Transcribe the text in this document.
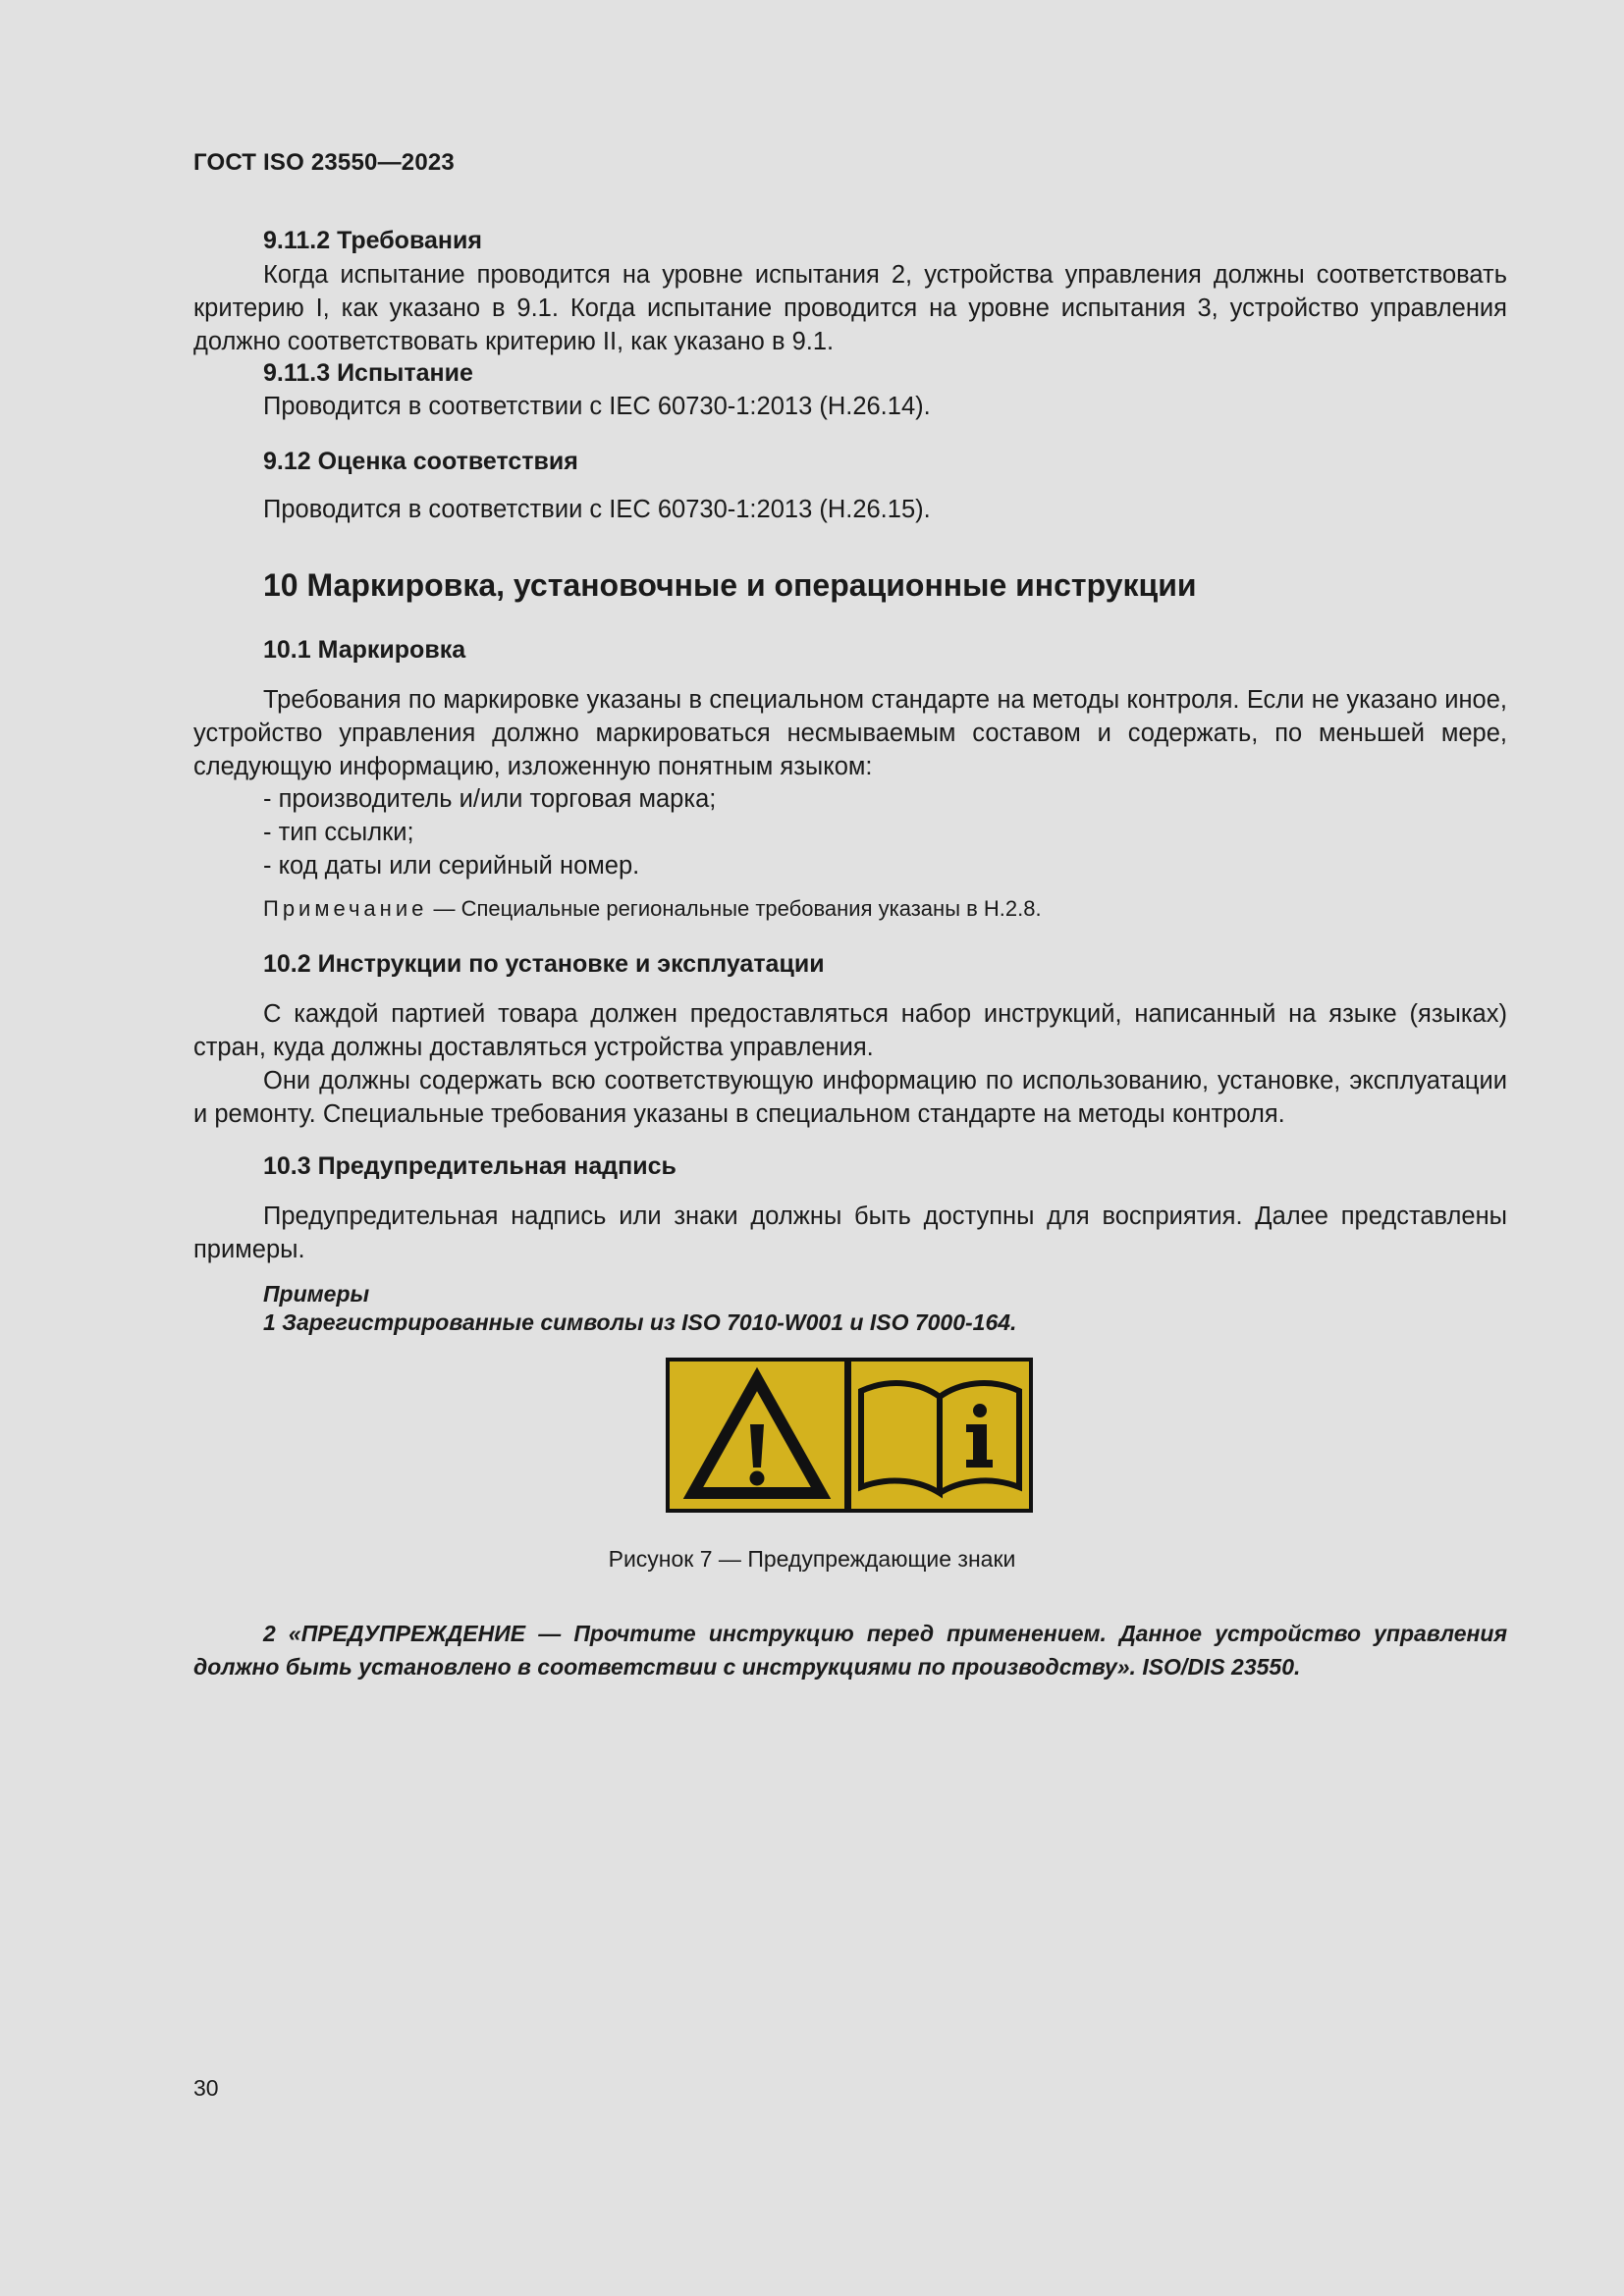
ГОСТ ISO 23550—2023
9.11.2 Требования

Когда испытание проводится на уровне испытания 2, устройства управления должны соответствовать критерию I, как указано в 9.1. Когда испытание проводится на уровне испытания 3, устройство управления должно соответствовать критерию II, как указано в 9.1.

9.11.3 Испытание
Проводится в соответствии с IEC 60730-1:2013 (H.26.14).
9.12 Оценка соответствия
Проводится в соответствии с IEC 60730-1:2013 (H.26.15).
10 Маркировка, установочные и операционные инструкции
10.1 Маркировка

Требования по маркировке указаны в специальном стандарте на методы контроля. Если не указано иное, устройство управления должно маркироваться несмываемым составом и содержать, по меньшей мере, следующую информацию, изложенную понятным языком:

- производитель и/или торговая марка;
- тип ссылки;
- код даты или серийный номер.
Примечание — Специальные региональные требования указаны в H.2.8.
10.2 Инструкции по установке и эксплуатации

С каждой партией товара должен предоставляться набор инструкций, написанный на языке (языках) стран, куда должны доставляться устройства управления.

Они должны содержать всю соответствующую информацию по использованию, установке, эксплуатации и ремонту. Специальные требования указаны в специальном стандарте на методы контроля.

10.3 Предупредительная надпись

Предупредительная надпись или знаки должны быть доступны для восприятия. Далее представлены примеры.

Примеры
1 Зарегистрированные символы из ISO 7010-W001 и ISO 7000-164.
Рисунок 7 — Предупреждающие знаки

2 «ПРЕДУПРЕЖДЕНИЕ — Прочтите инструкцию перед применением. Данное устройство управления должно быть установлено в соответствии с инструкциями по производству». ISO/DIS 23550.

30
